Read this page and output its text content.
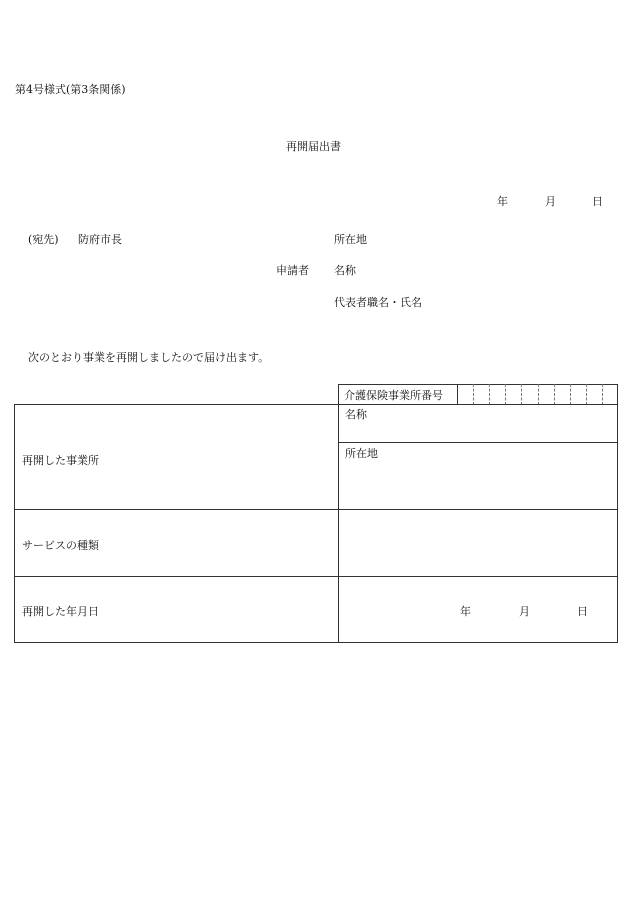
第4号様式(第3条関係)
再開届出書
年	月	日
(宛先) 防府市長	所在地
申請者 名称
代表者職名・氏名
次のとおり事業を再開しましたので届け出ます。
介護保険事業所番号
再開した事業所
名称
所在地
サービスの種類
再開した年月日	年	月	日
